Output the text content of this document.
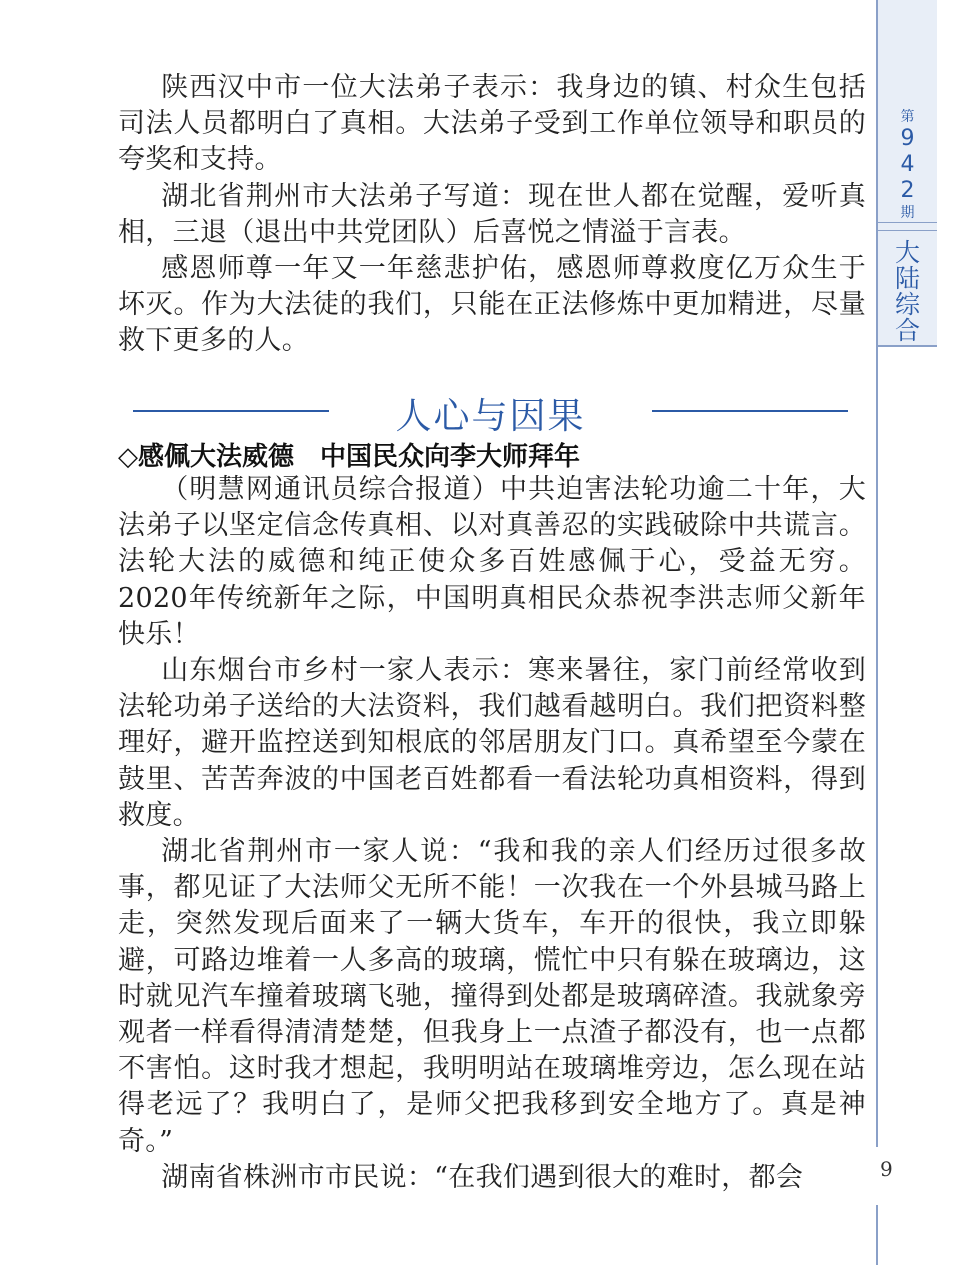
陕西汉中市一位大法弟子表示：我身边的镇、村众生包括司法人员都明白了真相。大法弟子受到工作单位领导和职员的夸奖和支持。

湖北省荆州市大法弟子写道：现在世人都在觉醒，爱听真相，三退（退出中共党团队）后喜悦之情溢于言表。

感恩师尊一年又一年慈悲护佑，感恩师尊救度亿万众生于坏灭。作为大法徒的我们，只能在正法修炼中更加精进，尽量救下更多的人。

人心与因果
◇感佩大法威德　中国民众向李大师拜年

（明慧网通讯员综合报道）中共迫害法轮功逾二十年，大法弟子以坚定信念传真相、以对真善忍的实践破除中共谎言。法轮大法的威德和纯正使众多百姓感佩于心，受益无穷。2020年传统新年之际，中国明真相民众恭祝李洪志师父新年快乐！

山东烟台市乡村一家人表示：寒来暑往，家门前经常收到法轮功弟子送给的大法资料，我们越看越明白。我们把资料整理好，避开监控送到知根底的邻居朋友门口。真希望至今蒙在鼓里、苦苦奔波的中国老百姓都看一看法轮功真相资料，得到救度。

湖北省荆州市一家人说：“我和我的亲人们经历过很多故事，都见证了大法师父无所不能！一次我在一个外县城马路上走，突然发现后面来了一辆大货车，车开的很快，我立即躲避，可路边堆着一人多高的玻璃，慌忙中只有躲在玻璃边，这时就见汽车撞着玻璃飞驰，撞得到处都是玻璃碎渣。我就象旁观者一样看得清清楚楚，但我身上一点渣子都没有，也一点都不害怕。这时我才想起，我明明站在玻璃堆旁边，怎么现在站得老远了？我明白了，是师父把我移到安全地方了。真是神奇。”

湖南省株洲市市民说：“在我们遇到很大的难时，都会

第
9
4
2
期
大
陆
综
合
9
